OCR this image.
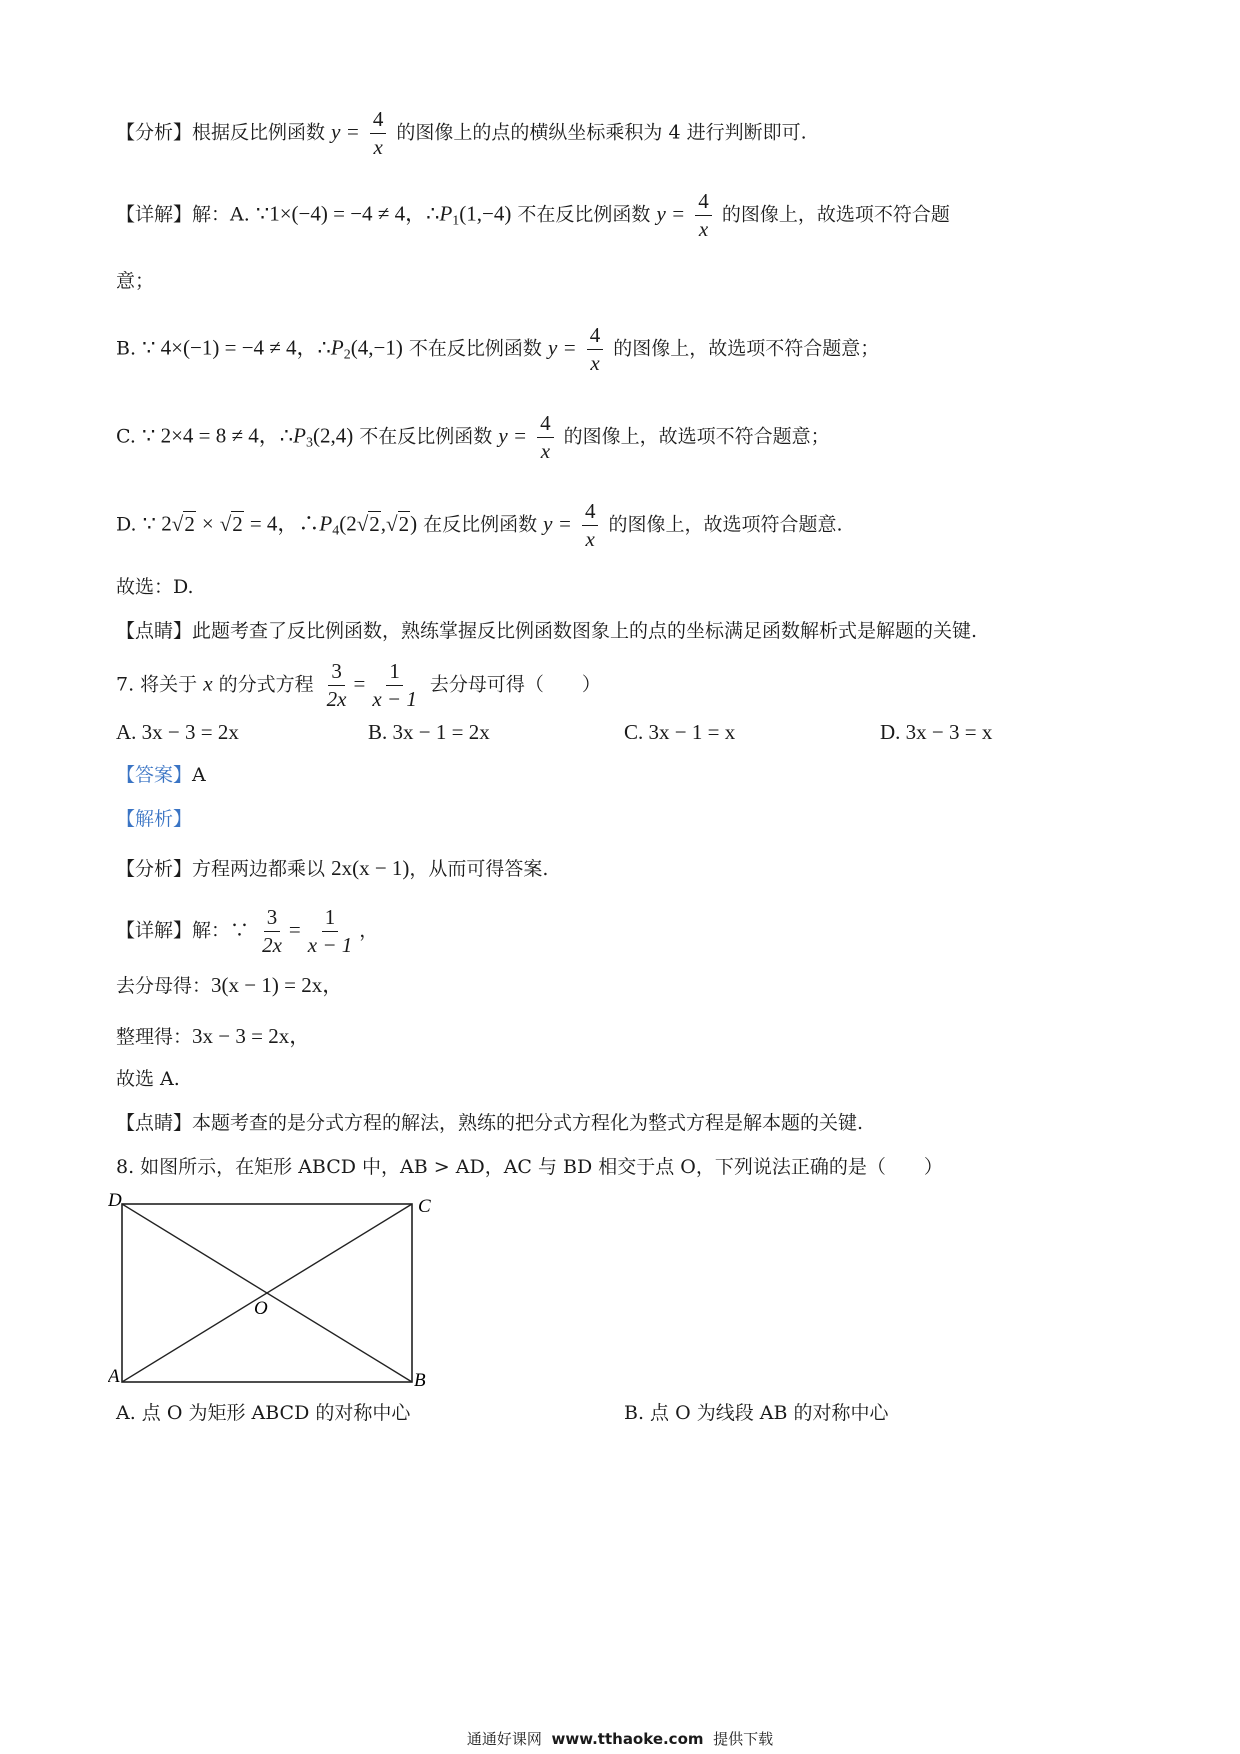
【分析】根据反比例函数 $y = \frac{4}{x}$ 的图像上的点的横纵坐标乘积为 4 进行判断即可.
【详解】解：A. ∵1×(−4) = −4 ≠ 4，$\therefore P_1(1,-4)$ 不在反比例函数 $y = \frac{4}{x}$ 的图像上，故选项不符合题
意；
B. ∵ 4×(−1) = −4 ≠ 4，$\therefore P_2(4,-1)$ 不在反比例函数 $y = \frac{4}{x}$ 的图像上，故选项不符合题意；
C. ∵ 2×4 = 8 ≠ 4，$\therefore P_3(2,4)$ 不在反比例函数 $y = \frac{4}{x}$ 的图像上，故选项不符合题意；
D. ∵ 2√2 × √2 = 4，$\therefore P_4(2√2,√2)$ 在反比例函数 $y = \frac{4}{x}$ 的图像上，故选项符合题意.
故选：D.
【点睛】此题考查了反比例函数，熟练掌握反比例函数图象上的点的坐标满足函数解析式是解题的关键.
7. 将关于 x 的分式方程 $\frac{3}{2x} = \frac{1}{x - 1}$ 去分母可得（　　）
A. 3x − 3 = 2x	B. 3x − 1 = 2x	C. 3x − 1 = x	D. 3x − 3 = x
【答案】A
【解析】
【分析】方程两边都乘以 2x(x − 1)，从而可得答案.
【详解】解：∵ $\frac{3}{2x} = \frac{1}{x - 1}$ ，
去分母得：3(x − 1) = 2x，
整理得：3x − 3 = 2x，
故选 A.
【点睛】本题考查的是分式方程的解法，熟练的把分式方程化为整式方程是解本题的关键.
8. 如图所示，在矩形 ABCD 中，AB > AD，AC 与 BD 相交于点 O，下列说法正确的是（　　）
D	C
A	B
O
A. 点 O 为矩形 ABCD 的对称中心	B. 点 O 为线段 AB 的对称中心
通通好课网 www.tthaoke.com 提供下载
